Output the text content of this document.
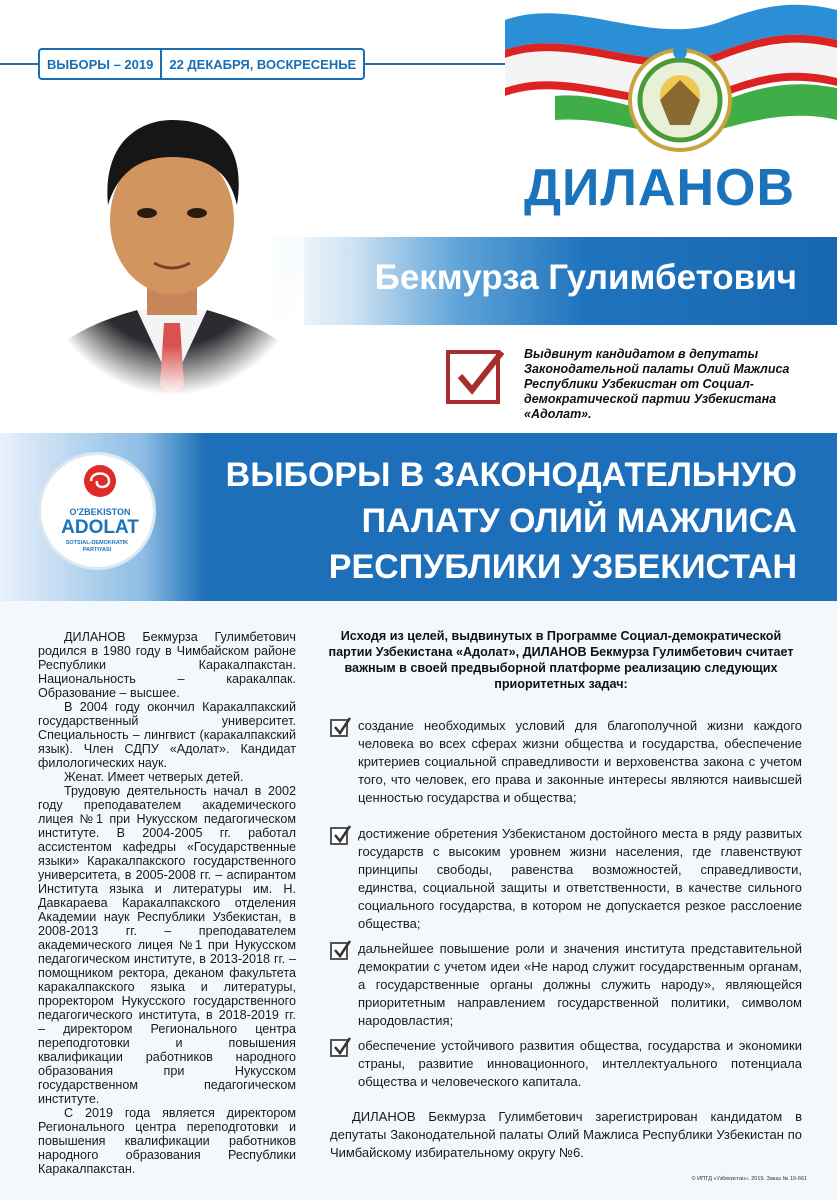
ВЫБОРЫ – 2019	22 ДЕКАБРЯ, ВОСКРЕСЕНЬЕ
ДИЛАНОВ
Бекмурза Гулимбетович
Выдвинут кандидатом в депутаты Законодательной палаты Олий Мажлиса Республики Узбекистан от Социал-демократической партии Узбекистана «Адолат».
ВЫБОРЫ В ЗАКОНОДАТЕЛЬНУЮ
ПАЛАТУ ОЛИЙ МАЖЛИСА
РЕСПУБЛИКИ УЗБЕКИСТАН
O'ZBEKISTON
ADOLAT
SOTSIAL-DEMOKRATIK PARTIYASI

ДИЛАНОВ Бекмурза Гулимбетович родился в 1980 году в Чимбайском районе Республики Каракалпакстан. Национальность – каракалпак. Образование – высшее.

В 2004 году окончил Каракалпакский государственный университет. Специальность – лингвист (каракалпакский язык). Член СДПУ «Адолат». Кандидат филологических наук.

Женат. Имеет четверых детей.

Трудовую деятельность начал в 2002 году преподавателем академического лицея №1 при Нукусском педагогическом институте. В 2004-2005 гг. работал ассистентом кафедры «Государственные языки» Каракалпакского государственного университета, в 2005-2008 гг. – аспирантом Института языка и литературы им. Н. Давкараева Каракалпакского отделения Академии наук Республики Узбекистан, в 2008-2013 гг. – преподавателем академического лицея №1 при Нукусском педагогическом институте, в 2013-2018 гг. – помощником ректора, деканом факультета каракалпакского языка и литературы, проректором Нукусского государственного педагогического института, в 2018-2019 гг. – директором Регионального центра переподготовки и повышения квалификации работников народного образования при Нукусском государственном педагогическом институте.

С 2019 года является директором Регионального центра переподготовки и повышения квалификации работников народного образования Республики Каракалпакстан.

Исходя из целей, выдвинутых в Программе Социал-демократической партии Узбекистана «Адолат», ДИЛАНОВ Бекмурза Гулимбетович считает важным в своей предвыборной платформе реализацию следующих приоритетных задач:
создание необходимых условий для благополучной жизни каждого человека во всех сферах жизни общества и государства, обеспечение критериев социальной справедливости и верховенства закона с учетом того, что человек, его права и законные интересы являются наивысшей ценностью государства и общества;
достижение обретения Узбекистаном достойного места в ряду развитых государств с высоким уровнем жизни населения, где главенствуют принципы свободы, равенства возможностей, справедливости, единства, социальной защиты и ответственности, в качестве сильного социального государства, в котором не допускается резкое расслоение общества;
дальнейшее повышение роли и значения института представительной демократии с учетом идеи «Не народ служит государственным органам, а государственные органы должны служить народу», являющейся приоритетным направлением государственной политики, символом народовластия;
обеспечение устойчивого развития общества, государства и экономики страны, развитие инновационного, интеллектуального потенциала общества и человеческого капитала.
ДИЛАНОВ Бекмурза Гулимбетович зарегистрирован кандидатом в депутаты Законодательной палаты Олий Мажлиса Республики Узбекистан по Чимбайскому избирательному округу №6.
© ИПТД «Узбекистан», 2019. Заказ № 19-661
